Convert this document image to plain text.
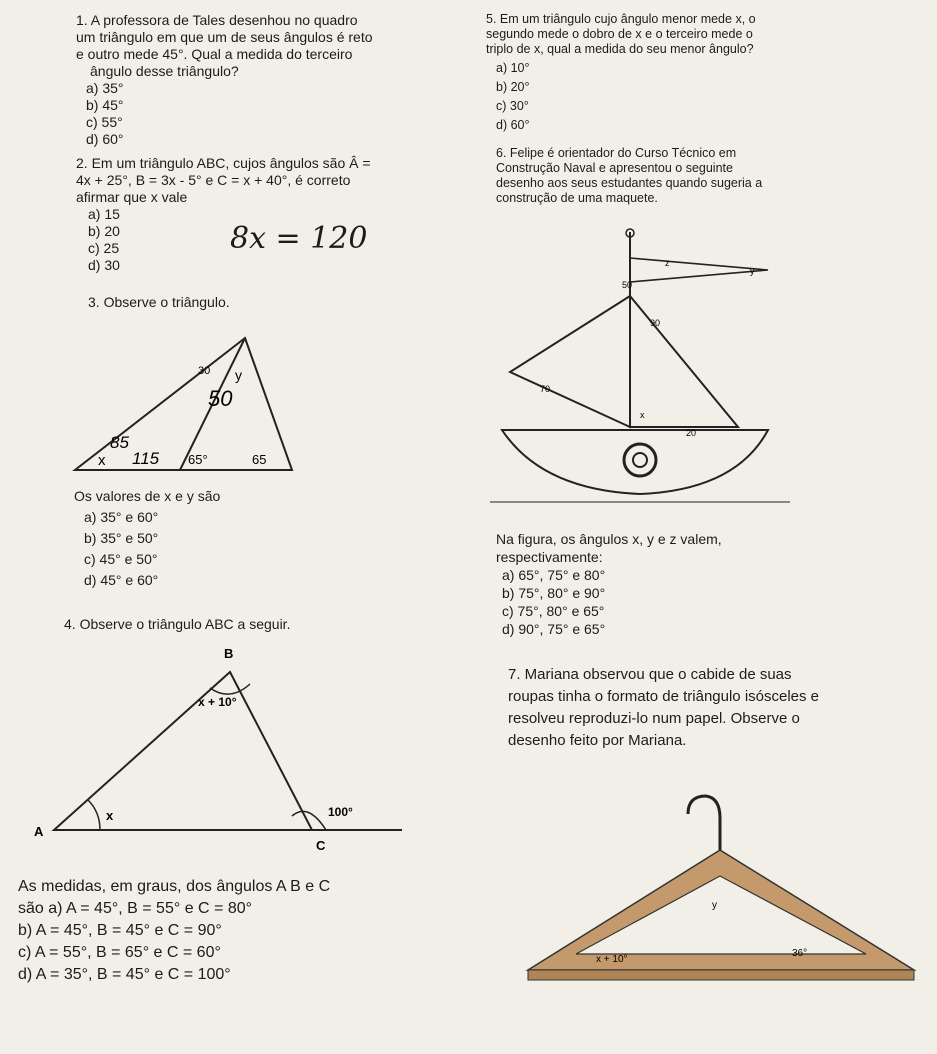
1. A professora de Tales desenhou no quadro

um triângulo em que um de seus ângulos é reto

e outro mede 45°. Qual a medida do terceiro

ângulo desse triângulo?

a) 35°

b) 45°

c) 55°

d) 60°

2. Em um triângulo ABC, cujos ângulos são Â =

4x + 25°, B = 3x - 5° e C = x + 40°, é correto

afirmar que x vale

a) 15

b) 20

c) 25

d) 30

8x = 120
3. Observe o triângulo.
30 y
50
85
x 115 65°	65

Os valores de x e y são

a) 35° e 60°

b) 35° e 50°

c) 45° e 50°

d) 45° e 60°

4. Observe o triângulo ABC a seguir.
B
x + 10°
x
A
100°
C

As medidas, em graus, dos ângulos A B e C

são a) A = 45°, B = 55° e C = 80°

b) A = 45°, B = 45° e C = 90°

c) A = 55°, B = 65° e C = 60°

d) A = 35°, B = 45° e C = 100°

5. Em um triângulo cujo ângulo menor mede x, o

segundo mede o dobro de x e o terceiro mede o

triplo de x, qual a medida do seu menor ângulo?

a) 10°

b) 20°

c) 30°

d) 60°

6. Felipe é orientador do Curso Técnico em

Construção Naval e apresentou o seguinte

desenho aos seus estudantes quando sugeria a

construção de uma maquete.

50
z
90
70
x
20
y

Na figura, os ângulos x, y e z valem,

respectivamente:

a) 65°, 75° e 80°

b) 75°, 80° e 90°

c) 75°, 80° e 65°

d) 90°, 75° e 65°

7. Mariana observou que o cabide de suas

roupas tinha o formato de triângulo isósceles e

resolveu reproduzi-lo num papel. Observe o

desenho feito por Mariana.

y
x + 10°
36°
